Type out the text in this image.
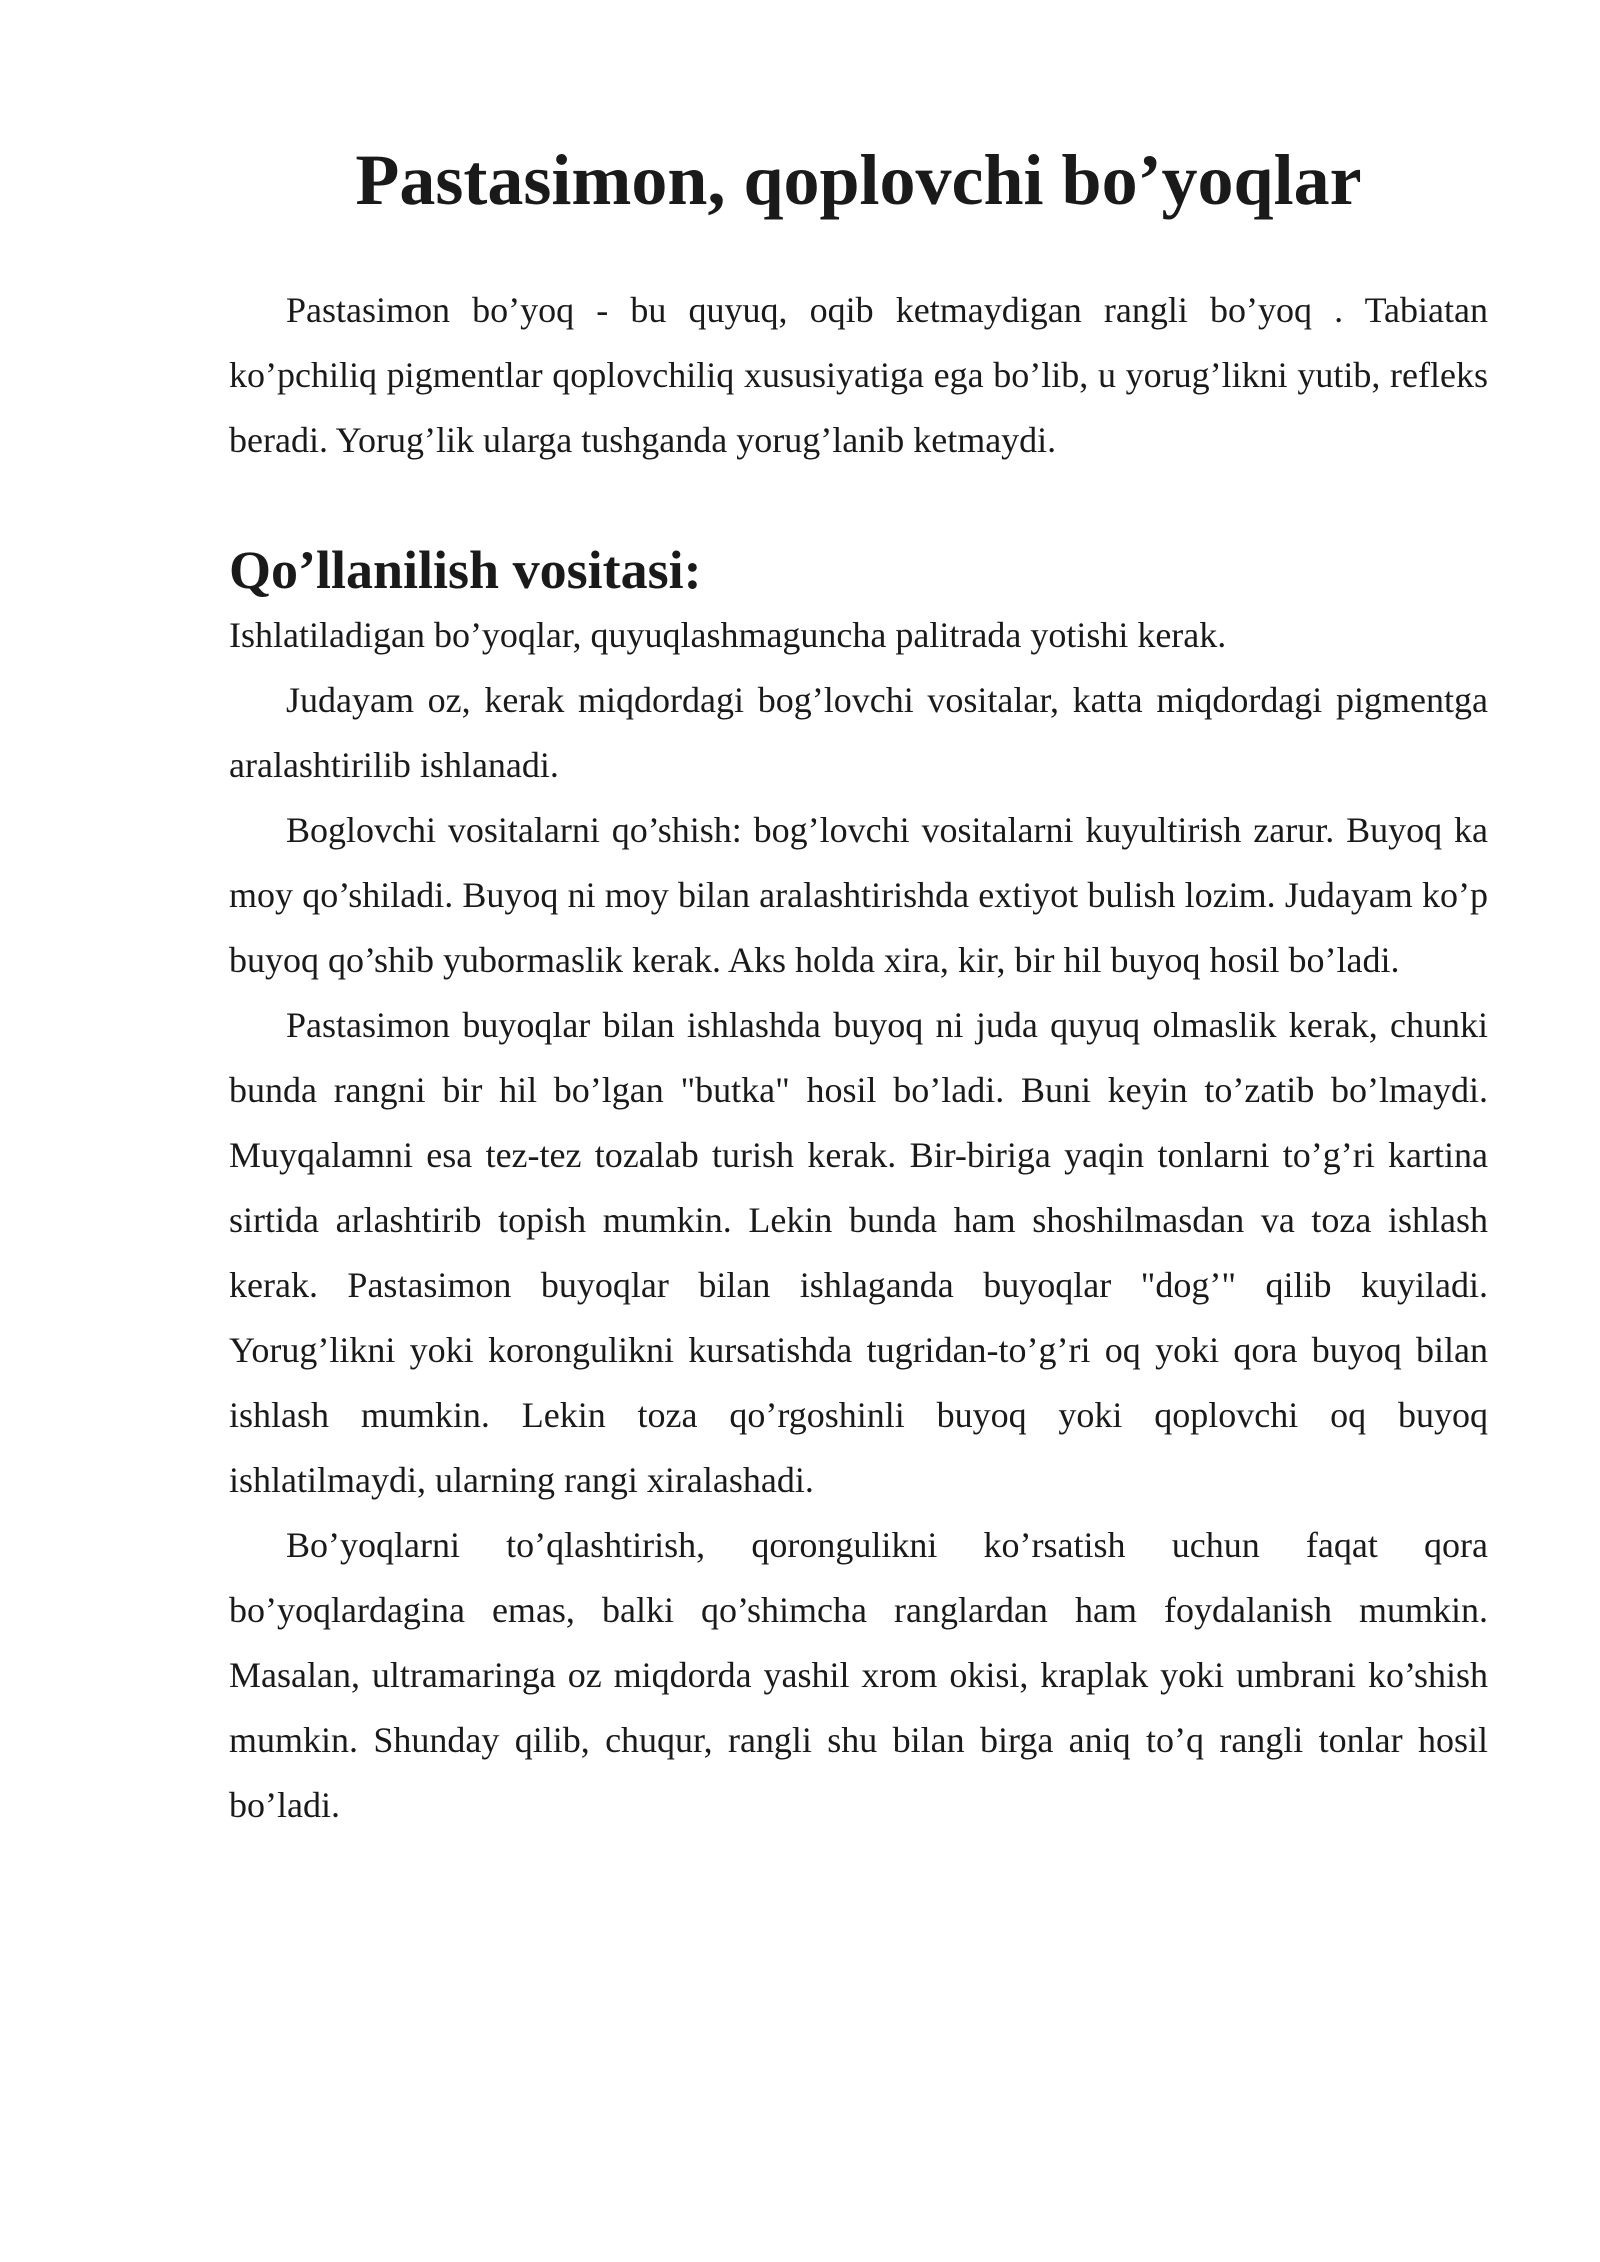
Pastasimon, qoplovchi bo’yoqlar

Pastasimon bo’yoq - bu quyuq, oqib ketmaydigan rangli bo’yoq . Tabiatan ko’pchiliq pigmentlar qoplovchiliq xususiyatiga ega bo’lib, u yorug’likni yutib, refleks beradi. Yorug’lik ularga tushganda yorug’lanib ketmaydi.

Qo’llanilish vositasi:

Ishlatiladigan bo’yoqlar, quyuqlashmaguncha palitrada yotishi kerak.

Judayam oz, kerak miqdordagi bog’lovchi vositalar, katta miqdordagi pigmentga aralashtirilib ishlanadi.

Boglovchi vositalarni qo’shish: bog’lovchi vositalarni kuyultirish zarur. Buyoq ka moy qo’shiladi. Buyoq ni moy bilan aralashtirishda extiyot bulish lozim. Judayam ko’p buyoq qo’shib yubormaslik kerak. Aks holda xira, kir, bir hil buyoq hosil bo’ladi.

Pastasimon buyoqlar bilan ishlashda buyoq ni juda quyuq olmaslik kerak, chunki bunda rangni bir hil bo’lgan "butka" hosil bo’ladi. Buni keyin to’zatib bo’lmaydi. Muyqalamni esa tez-tez tozalab turish kerak. Bir-biriga yaqin tonlarni to’g’ri kartina sirtida arlashtirib topish mumkin. Lekin bunda ham shoshilmasdan va toza ishlash kerak. Pastasimon buyoqlar bilan ishlaganda buyoqlar "dog’" qilib kuyiladi. Yorug’likni yoki korongulikni kursatishda tugridan-to’g’ri oq yoki qora buyoq bilan ishlash mumkin. Lekin toza qo’rgoshinli buyoq yoki qoplovchi oq buyoq ishlatilmaydi, ularning rangi xiralashadi.

Bo’yoqlarni to’qlashtirish, qorongulikni ko’rsatish uchun faqat qora bo’yoqlardagina emas, balki qo’shimcha ranglardan ham foydalanish mumkin. Masalan, ultramaringa oz miqdorda yashil xrom okisi, kraplak yoki umbrani ko’shish mumkin. Shunday qilib, chuqur, rangli shu bilan birga aniq to’q rangli tonlar hosil bo’ladi.
